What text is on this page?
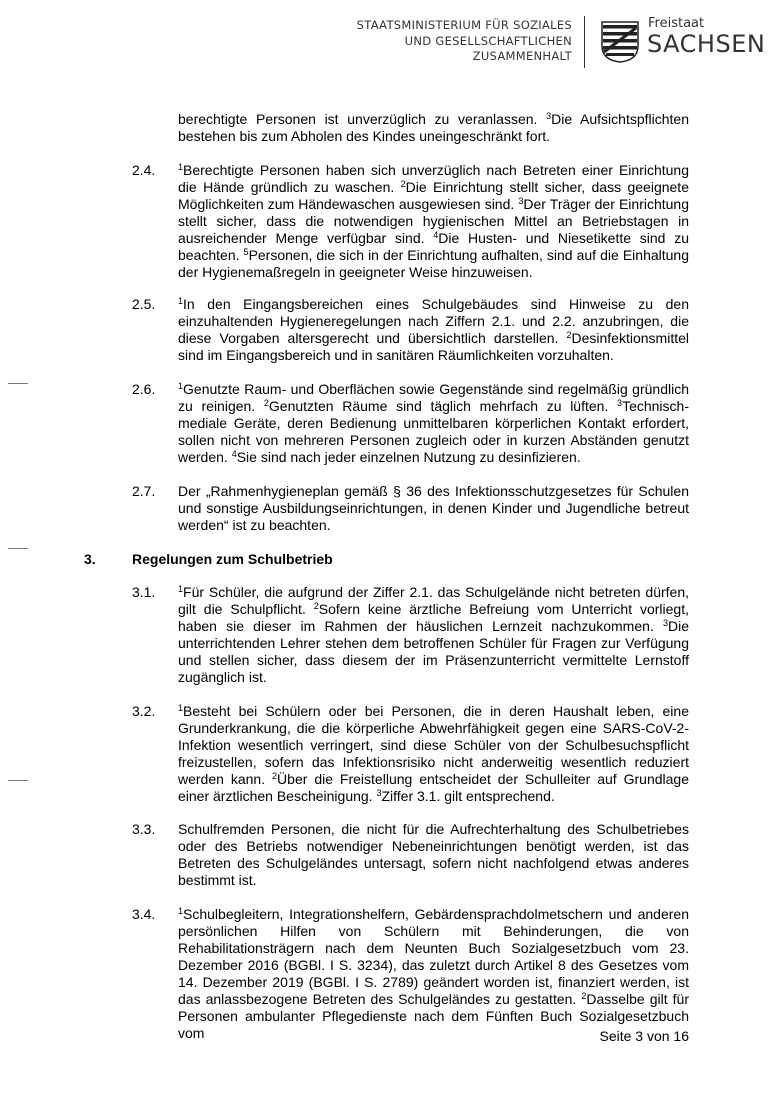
STAATSMINISTERIUM FÜR SOZIALES
UND GESELLSCHAFTLICHEN
ZUSAMMENHALT
Freistaat
SACHSEN
berechtigte Personen ist unverzüglich zu veranlassen. $^3$Die Aufsichtspflichten bestehen bis zum Abholen des Kindes uneingeschränkt fort.
2.4.	$^1$Berechtigte Personen haben sich unverzüglich nach Betreten einer Einrichtung die Hände gründlich zu waschen. $^2$Die Einrichtung stellt sicher, dass geeignete Möglichkeiten zum Händewaschen ausgewiesen sind. $^3$Der Träger der Einrichtung stellt sicher, dass die notwendigen hygienischen Mittel an Betriebstagen in ausreichender Menge verfügbar sind. $^4$Die Husten- und Niesetikette sind zu beachten. $^5$Personen, die sich in der Einrichtung aufhalten, sind auf die Einhaltung der Hygienemaßregeln in geeigneter Weise hinzuweisen.
2.5.	$^1$In den Eingangsbereichen eines Schulgebäudes sind Hinweise zu den einzuhaltenden Hygieneregelungen nach Ziffern 2.1. und 2.2. anzubringen, die diese Vorgaben altersgerecht und übersichtlich darstellen. $^2$Desinfektionsmittel sind im Eingangsbereich und in sanitären Räumlichkeiten vorzuhalten.
2.6.	$^1$Genutzte Raum- und Oberflächen sowie Gegenstände sind regelmäßig gründlich zu reinigen. $^2$Genutzten Räume sind täglich mehrfach zu lüften. $^3$Technisch-mediale Geräte, deren Bedienung unmittelbaren körperlichen Kontakt erfordert, sollen nicht von mehreren Personen zugleich oder in kurzen Abständen genutzt werden. $^4$Sie sind nach jeder einzelnen Nutzung zu desinfizieren.
2.7. Der „Rahmenhygieneplan gemäß § 36 des Infektionsschutzgesetzes für Schulen und sonstige Ausbildungseinrichtungen, in denen Kinder und Jugendliche betreut werden“ ist zu beachten.
3.	Regelungen zum Schulbetrieb
3.1.	$^1$Für Schüler, die aufgrund der Ziffer 2.1. das Schulgelände nicht betreten dürfen, gilt die Schulpflicht. $^2$Sofern keine ärztliche Befreiung vom Unterricht vorliegt, haben sie dieser im Rahmen der häuslichen Lernzeit nachzukommen. $^3$Die unterrichtenden Lehrer stehen dem betroffenen Schüler für Fragen zur Verfügung und stellen sicher, dass diesem der im Präsenzunterricht vermittelte Lernstoff zugänglich ist.
3.2.	$^1$Besteht bei Schülern oder bei Personen, die in deren Haushalt leben, eine Grunderkrankung, die die körperliche Abwehrfähigkeit gegen eine SARS-CoV-2-Infektion wesentlich verringert, sind diese Schüler von der Schulbesuchspflicht freizustellen, sofern das Infektionsrisiko nicht anderweitig wesentlich reduziert werden kann. $^2$Über die Freistellung entscheidet der Schulleiter auf Grundlage einer ärztlichen Bescheinigung. $^3$Ziffer 3.1. gilt entsprechend.
3.3. Schulfremden Personen, die nicht für die Aufrechterhaltung des Schulbetriebes oder des Betriebs notwendiger Nebeneinrichtungen benötigt werden, ist das Betreten des Schulgeländes untersagt, sofern nicht nachfolgend etwas anderes bestimmt ist.
3.4.	$^1$Schulbegleitern, Integrationshelfern, Gebärdensprachdolmetschern und anderen persönlichen Hilfen von Schülern mit Behinderungen, die von Rehabilitationsträgern nach dem Neunten Buch Sozialgesetzbuch vom 23. Dezember 2016 (BGBl. I S. 3234), das zuletzt durch Artikel 8 des Gesetzes vom 14. Dezember 2019 (BGBl. I S. 2789) geändert worden ist, finanziert werden, ist das anlassbezogene Betreten des Schulgeländes zu gestatten. $^2$Dasselbe gilt für Personen ambulanter Pflegedienste nach dem Fünften Buch Sozialgesetzbuch vom	Seite 3 von 16
